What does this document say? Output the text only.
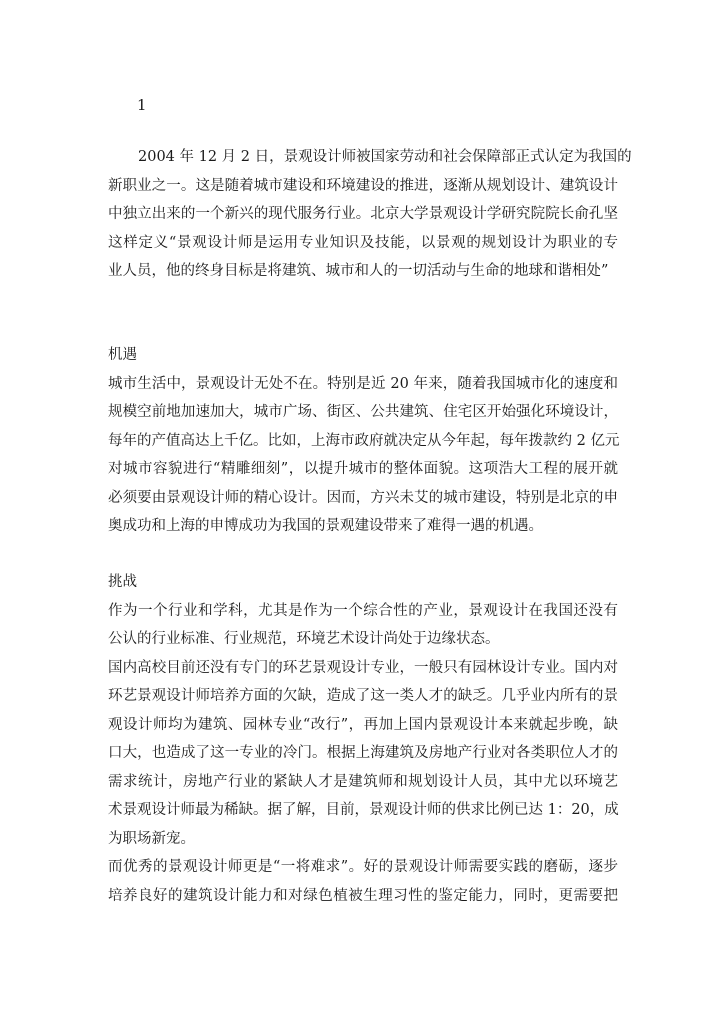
1
2004 年 12 月 2 日，景观设计师被国家劳动和社会保障部正式认定为我国的
新职业之一。这是随着城市建设和环境建设的推进，逐渐从规划设计、建筑设计
中独立出来的一个新兴的现代服务行业。北京大学景观设计学研究院院长俞孔坚
这样定义“景观设计师是运用专业知识及技能，以景观的规划设计为职业的专
业人员，他的终身目标是将建筑、城市和人的一切活动与生命的地球和谐相处”
机遇
城市生活中，景观设计无处不在。特别是近 20 年来，随着我国城市化的速度和
规模空前地加速加大，城市广场、街区、公共建筑、住宅区开始强化环境设计，
每年的产值高达上千亿。比如，上海市政府就决定从今年起，每年拨款约 2 亿元
对城市容貌进行“精雕细刻”，以提升城市的整体面貌。这项浩大工程的展开就
必须要由景观设计师的精心设计。因而，方兴未艾的城市建设，特别是北京的申
奥成功和上海的申博成功为我国的景观建设带来了难得一遇的机遇。
挑战
作为一个行业和学科，尤其是作为一个综合性的产业，景观设计在我国还没有
公认的行业标准、行业规范，环境艺术设计尚处于边缘状态。
国内高校目前还没有专门的环艺景观设计专业，一般只有园林设计专业。国内对
环艺景观设计师培养方面的欠缺，造成了这一类人才的缺乏。几乎业内所有的景
观设计师均为建筑、园林专业“改行”，再加上国内景观设计本来就起步晚，缺
口大，也造成了这一专业的冷门。根据上海建筑及房地产行业对各类职位人才的
需求统计，房地产行业的紧缺人才是建筑师和规划设计人员，其中尤以环境艺
术景观设计师最为稀缺。据了解，目前，景观设计师的供求比例已达 1：20，成
为职场新宠。
而优秀的景观设计师更是“一将难求”。好的景观设计师需要实践的磨砺，逐步
培养良好的建筑设计能力和对绿色植被生理习性的鉴定能力，同时，更需要把
